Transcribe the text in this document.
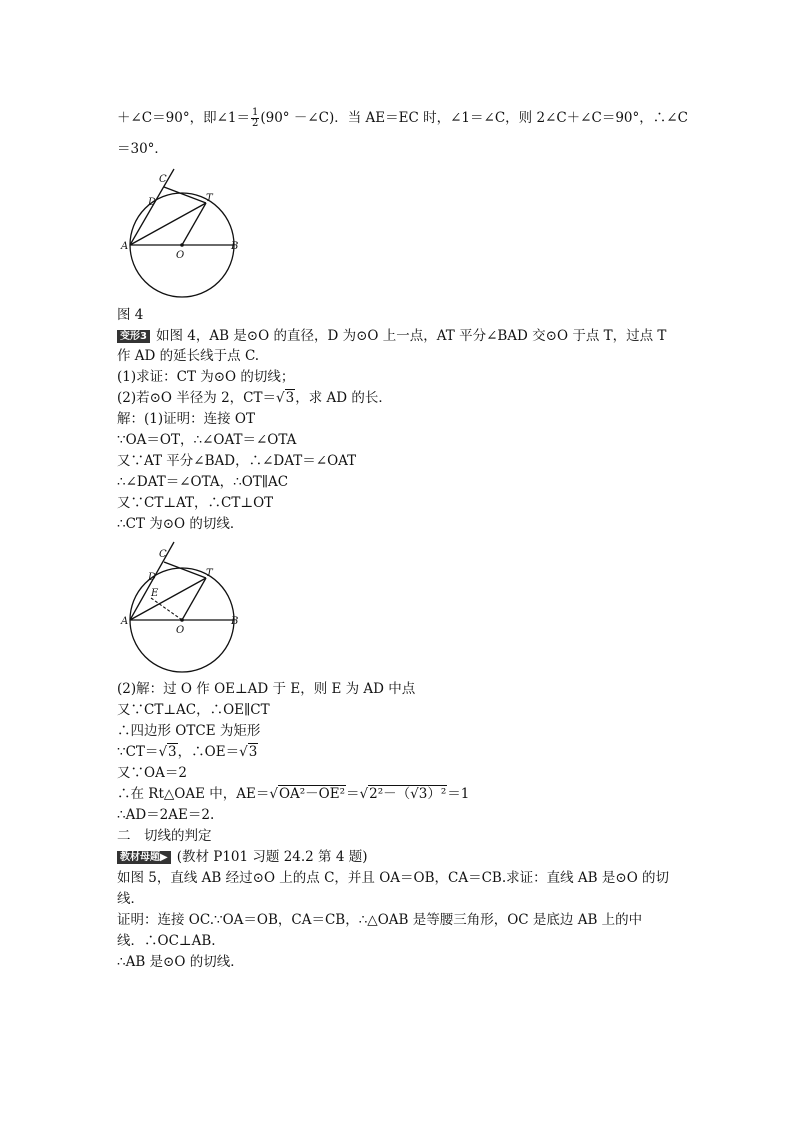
＋∠C＝90°，即∠1＝ $\frac{1}{2} (90^\circ$ －∠C)．当 AE＝EC 时，∠1＝∠C，则 2∠C＋∠C＝90°，∴∠C
＝30°．
C
D	T
A
O
B
图 4
变形3 如图 4，AB 是⊙O 的直径，D 为⊙O 上一点，AT 平分∠BAD 交⊙O 于点 T，过点 T
作 AD 的延长线于点 C.
(1)求证：CT 为⊙O 的切线；
(2)若⊙O 半径为 2，CT＝√3，求 AD 的长．
解：(1)证明：连接 OT
∵OA＝OT，∴∠OAT＝∠OTA
又∵AT 平分∠BAD，∴∠DAT＝∠OAT
∴∠DAT＝∠OTA，∴OT∥AC
又∵CT⊥AT，∴CT⊥OT
∴CT 为⊙O 的切线．
C
D	T
E
A
O
B
(2)解：过 O 作 OE⊥AD 于 E，则 E 为 AD 中点
又∵CT⊥AC，∴OE∥CT
∴四边形 OTCE 为矩形
∵CT＝√3，∴OE＝√3
又∵OA＝2
∴在 Rt△OAE 中，AE＝√OA²－OE²＝√2²－（√3）²＝1
∴AD＝2AE＝2.
二　切线的判定
教材母题▶ (教材 P101 习题 24.2 第 4 题)
如图 5，直线 AB 经过⊙O 上的点 C，并且 OA＝OB，CA＝CB.求证：直线 AB 是⊙O 的切
线．
证明：连接 OC.∵OA＝OB，CA＝CB，∴△OAB 是等腰三角形，OC 是底边 AB 上的中
线．∴OC⊥AB.
∴AB 是⊙O 的切线．
